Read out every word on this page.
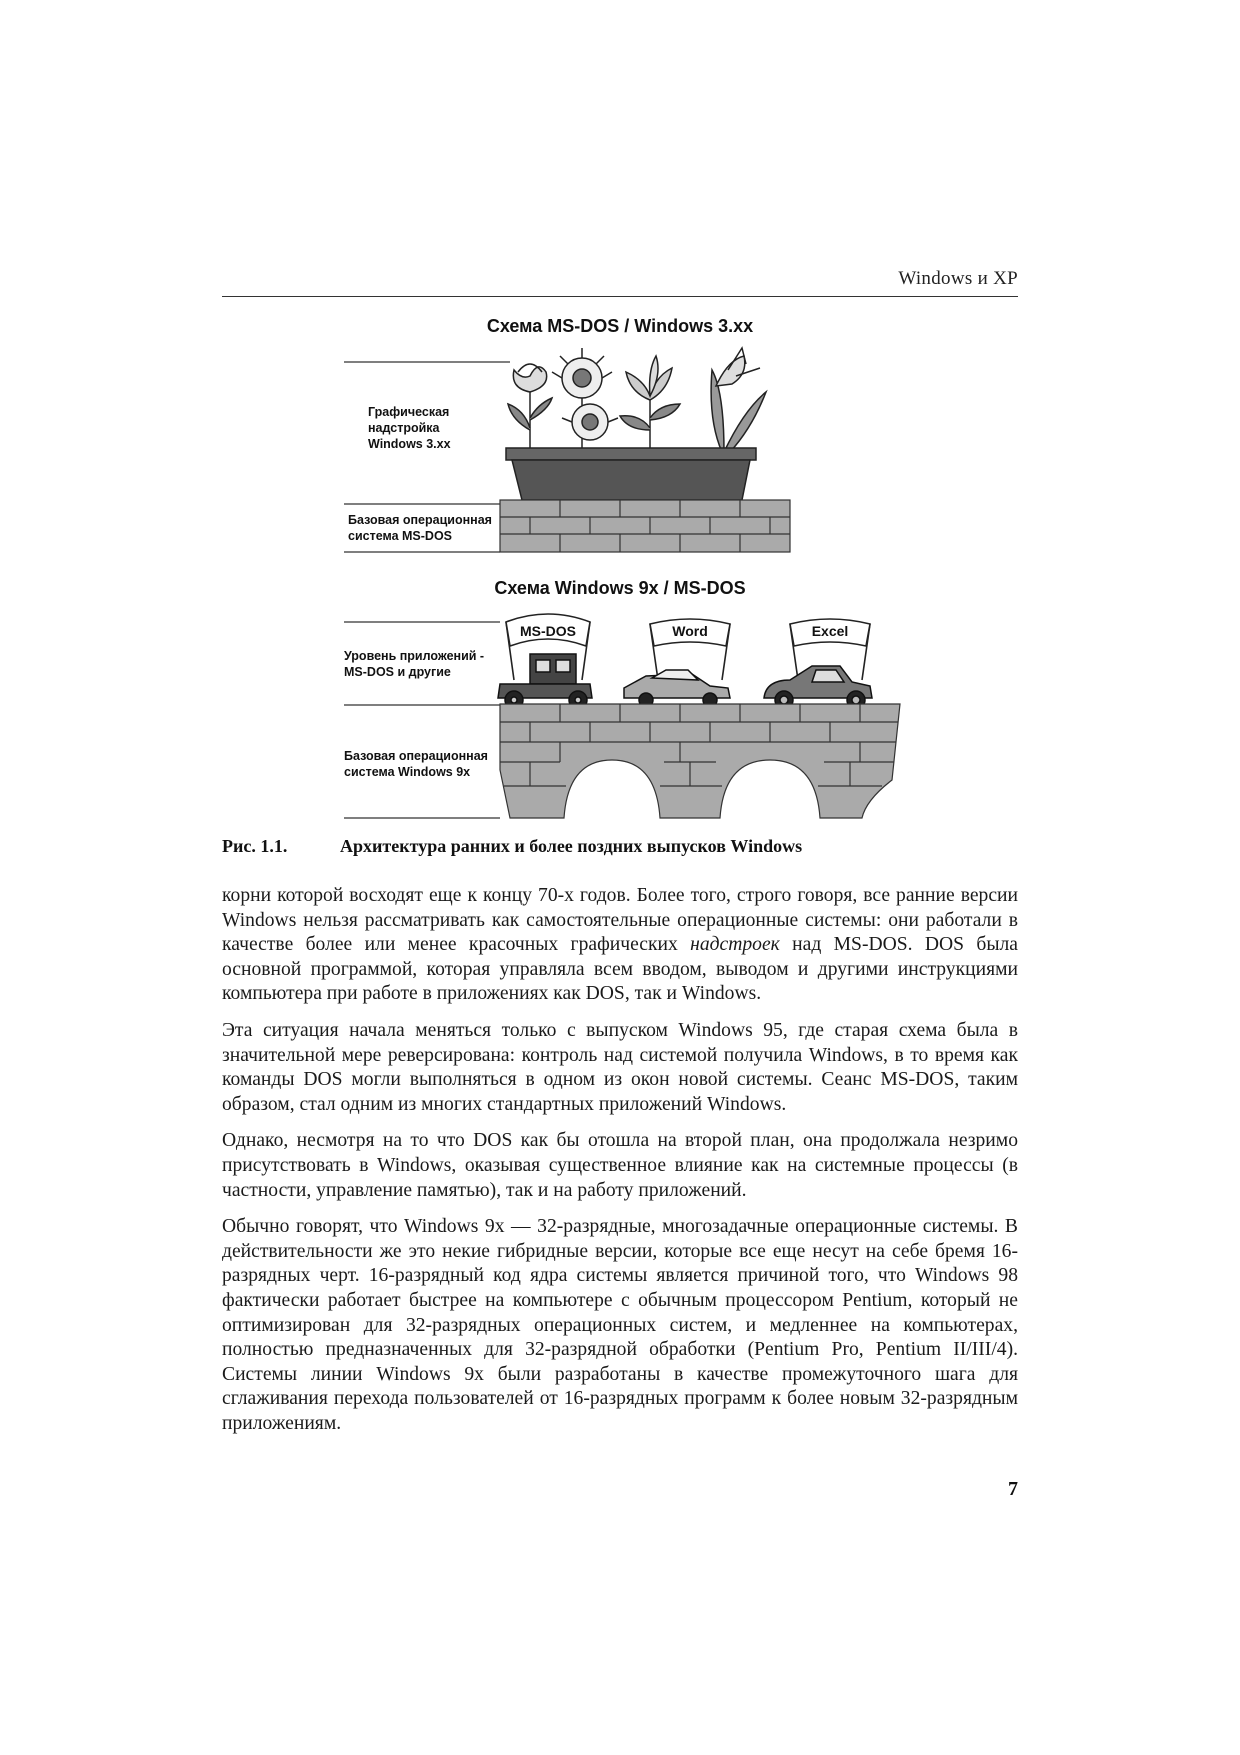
Windows и XP
Схема MS-DOS / Windows 3.xx
MS-DOS	Word	Excel
Графическая
надстройка
Windows 3.xx
Базовая операционная
система MS-DOS
Схема Windows 9x / MS-DOS
Уровень приложений -
MS-DOS и другие
Базовая операционная
система Windows 9x
Рис. 1.1.	Архитектура ранних и более поздних выпусков Windows

корни которой восходят еще к концу 70-х годов. Более того, строго говоря, все ранние версии Windows нельзя рассматривать как самостоятельные операционные системы: они работали в качестве более или менее красочных графических надстроек над MS-DOS. DOS была основной программой, которая управляла всем вводом, выводом и другими инструкциями компьютера при работе в приложениях как DOS, так и Windows.

Эта ситуация начала меняться только с выпуском Windows 95, где старая схема была в значительной мере реверсирована: контроль над системой получила Windows, в то время как команды DOS могли выполняться в одном из окон новой системы. Сеанс MS-DOS, таким образом, стал одним из многих стандартных приложений Windows.

Однако, несмотря на то что DOS как бы отошла на второй план, она продолжала незримо присутствовать в Windows, оказывая существенное влияние как на системные процессы (в частности, управление памятью), так и на работу приложений.

Обычно говорят, что Windows 9x — 32-разрядные, многозадачные операционные системы. В действительности же это некие гибридные версии, которые все еще несут на себе бремя 16-разрядных черт. 16-разрядный код ядра системы является причиной того, что Windows 98 фактически работает быстрее на компьютере с обычным процессором Pentium, который не оптимизирован для 32-разрядных операционных систем, и медленнее на компьютерах, полностью предназначенных для 32-разрядной обработки (Pentium Pro, Pentium II/III/4). Системы линии Windows 9x были разработаны в качестве промежуточного шага для сглаживания перехода пользователей от 16-разрядных программ к более новым 32-разрядным приложениям.

7
